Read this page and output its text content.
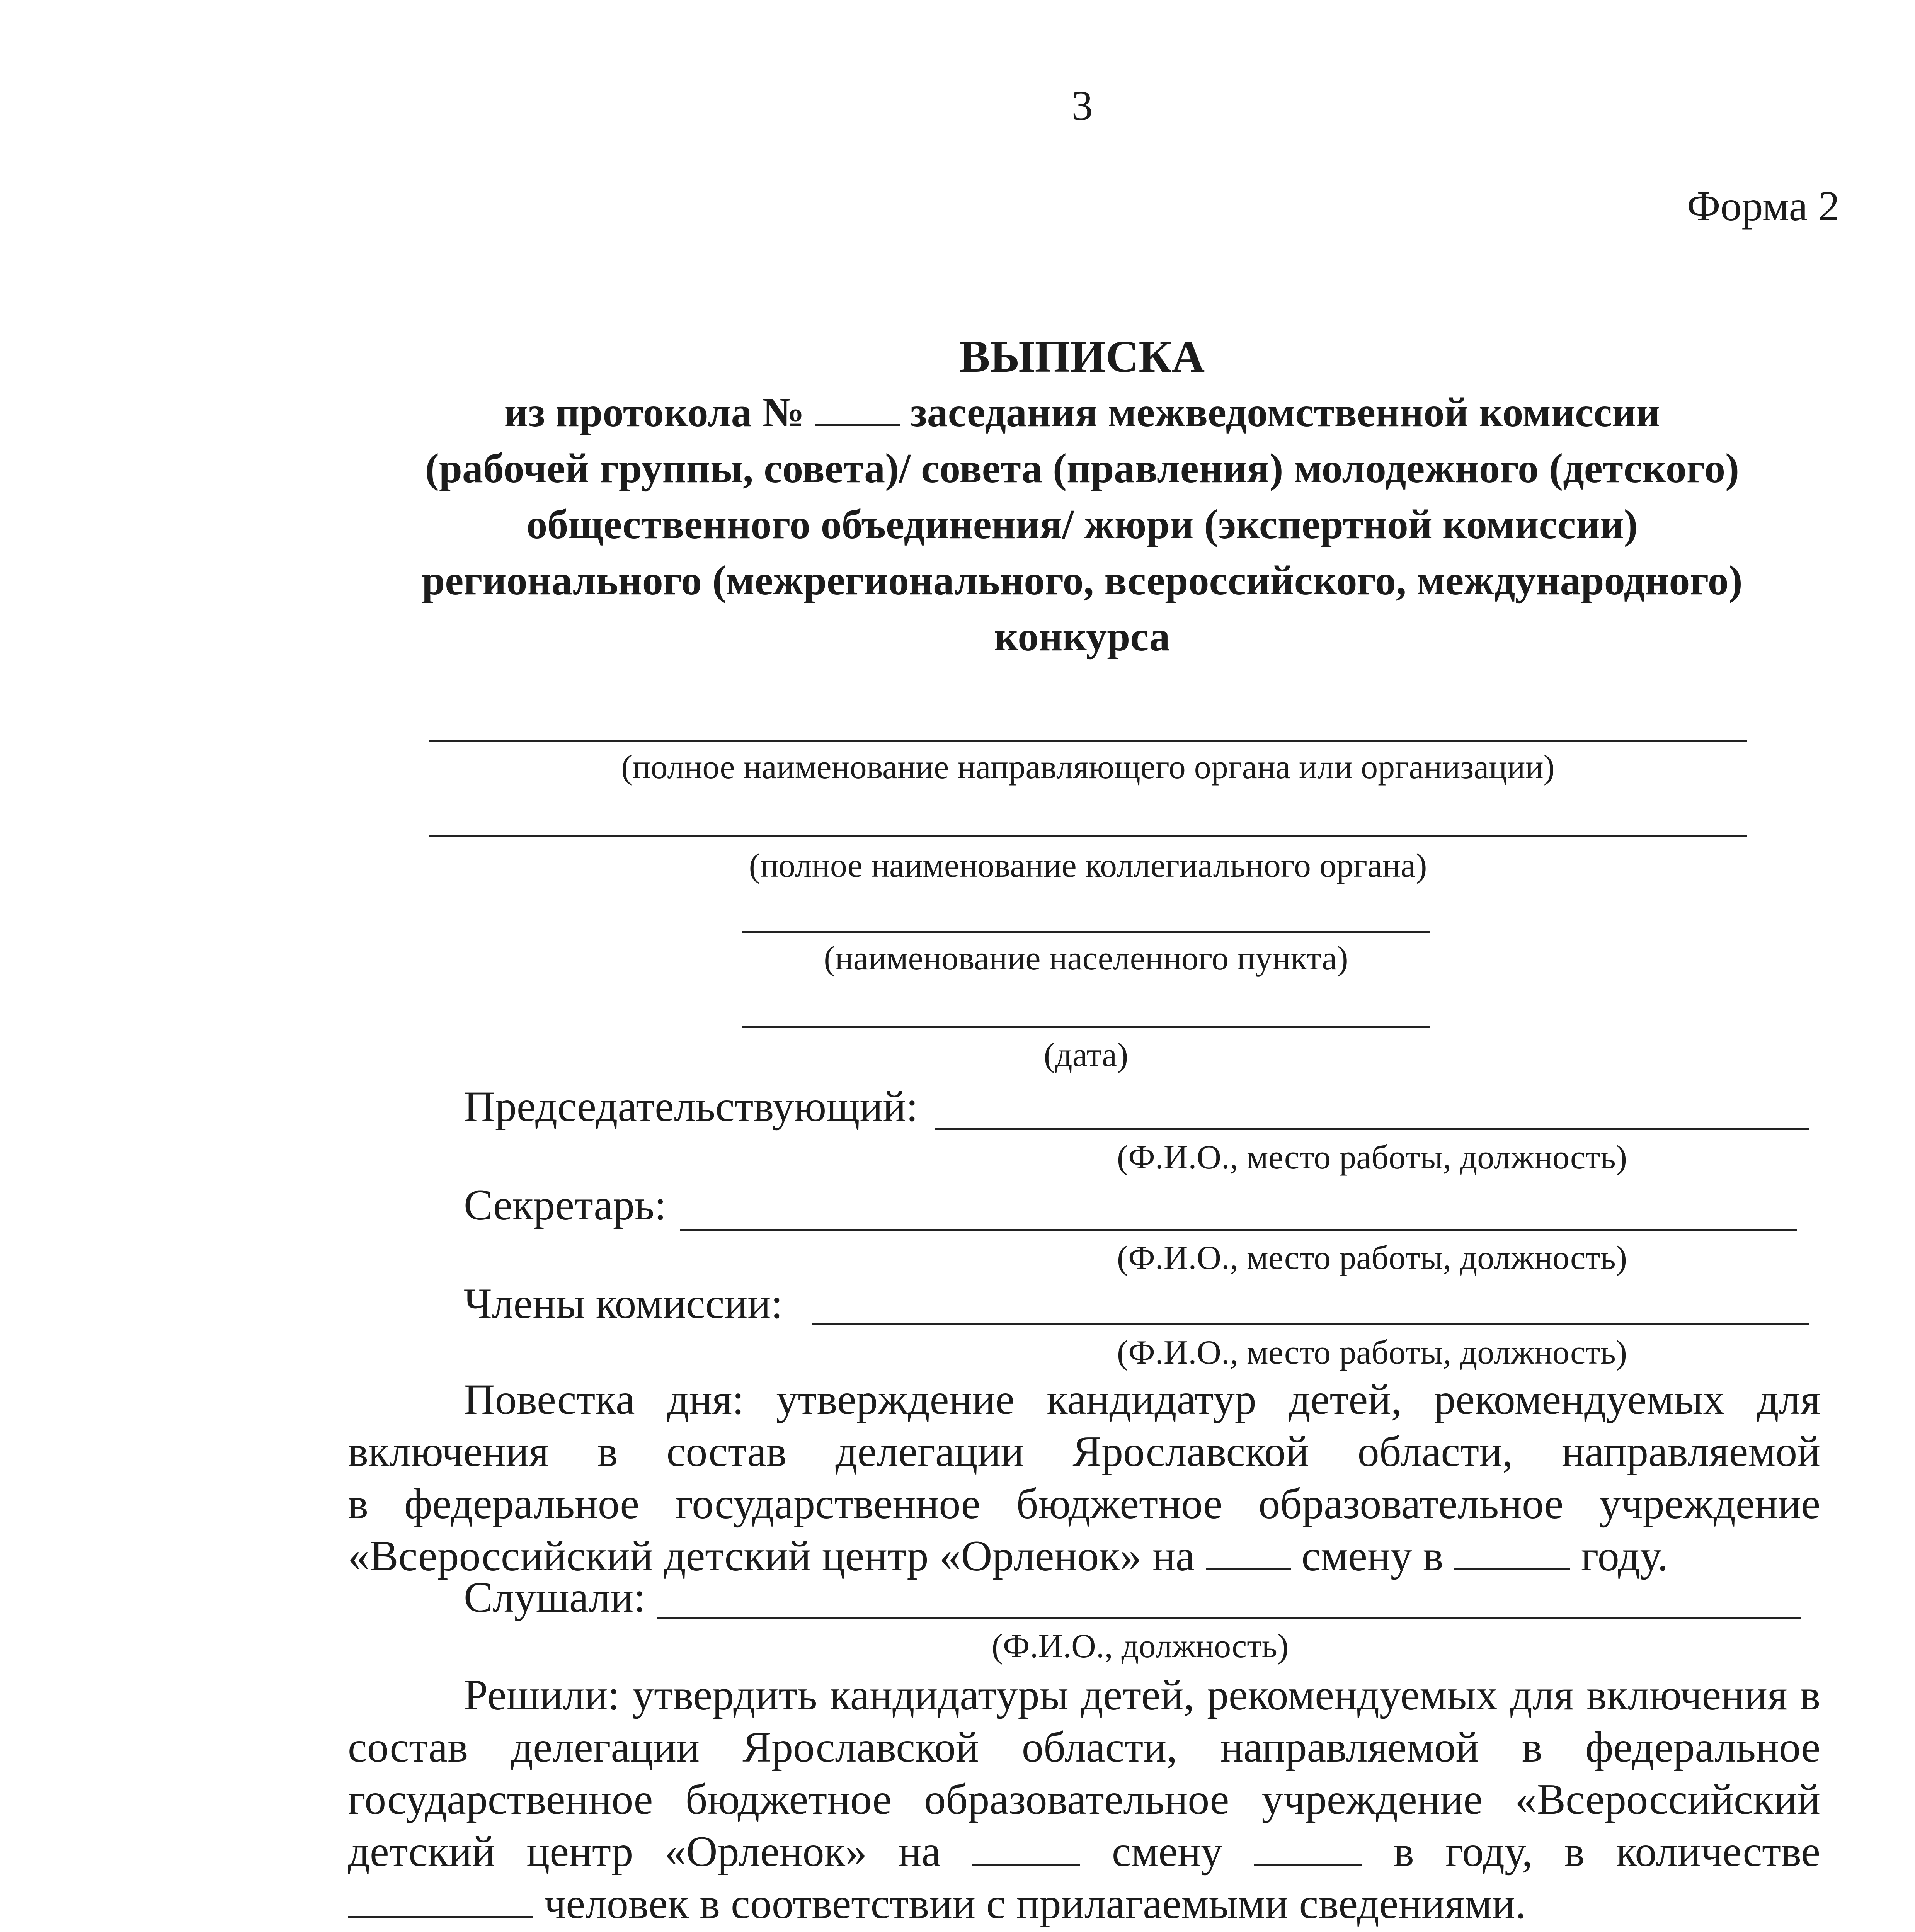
3
Форма 2
ВЫПИСКА
из протокола №	заседания межведомственной комиссии
(рабочей группы, совета)/ совета (правления) молодежного (детского)
общественного объединения/ жюри (экспертной комиссии)
регионального (межрегионального, всероссийского, международного)
конкурса
(полное наименование направляющего органа или организации)
(полное наименование коллегиального органа)
(наименование населенного пункта)
(дата)
Председательствующий:
(Ф.И.О., место работы, должность)
Секретарь:
(Ф.И.О., место работы, должность)
Члены комиссии:
(Ф.И.О., место работы, должность)
Повестка дня: утверждение кандидатур детей, рекомендуемых для
включения в состав делегации Ярославской области, направляемой
в федеральное государственное бюджетное образовательное учреждение
«Всероссийский детский центр «Орленок» на смену в	году.
Слушали:
(Ф.И.О., должность)
Решили: утвердить кандидатуры детей, рекомендуемых для включения в
состав делегации Ярославской области, направляемой в федеральное
государственное бюджетное образовательное учреждение «Всероссийский
детский центр «Орленок» на	смену	в году, в количестве
человек в соответствии с прилагаемыми сведениями.
